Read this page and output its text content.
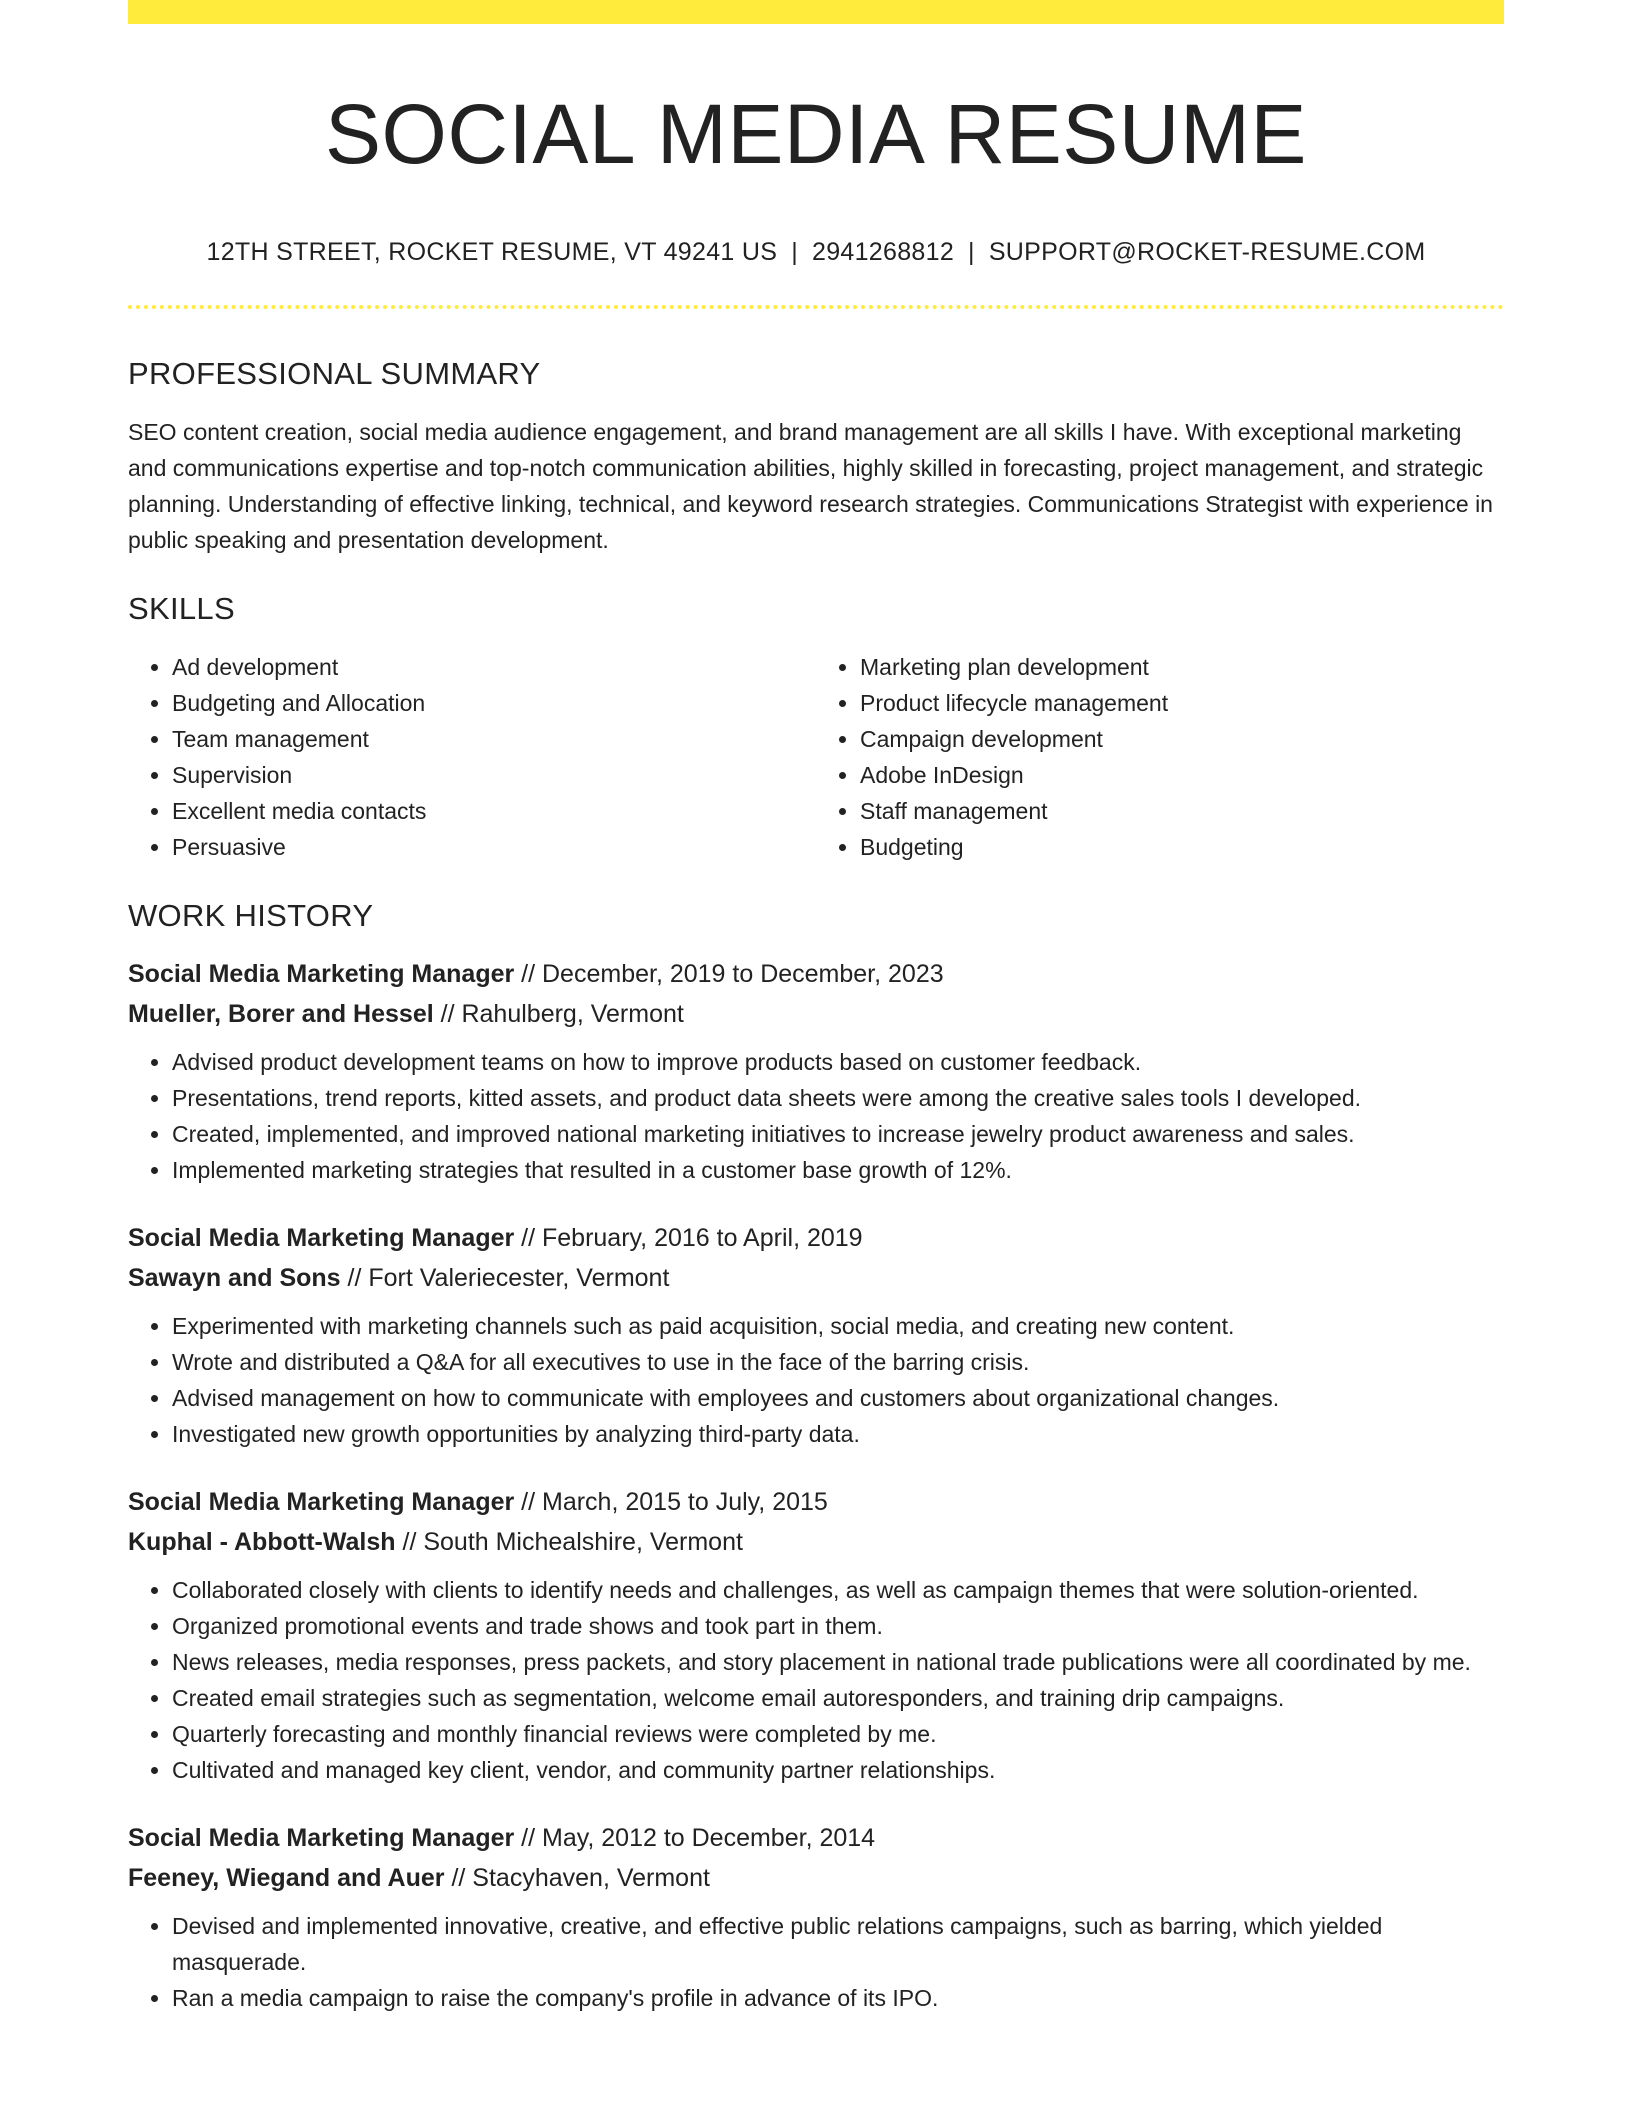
SOCIAL MEDIA RESUME
12TH STREET, ROCKET RESUME, VT 49241 US | 2941268812 | SUPPORT@ROCKET-RESUME.COM
PROFESSIONAL SUMMARY

SEO content creation, social media audience engagement, and brand management are all skills I have. With exceptional marketing and communications expertise and top-notch communication abilities, highly skilled in forecasting, project management, and strategic planning. Understanding of effective linking, technical, and keyword research strategies. Communications Strategist with experience in public speaking and presentation development.

SKILLS
• Ad development
• Budgeting and Allocation
• Team management
• Supervision
• Excellent media contacts
• Persuasive
• Marketing plan development
• Product lifecycle management
• Campaign development
• Adobe InDesign
• Staff management
• Budgeting
WORK HISTORY
Social Media Marketing Manager // December, 2019 to December, 2023
Mueller, Borer and Hessel // Rahulberg, Vermont
• Advised product development teams on how to improve products based on customer feedback.
• Presentations, trend reports, kitted assets, and product data sheets were among the creative sales tools I developed.
• Created, implemented, and improved national marketing initiatives to increase jewelry product awareness and sales.
• Implemented marketing strategies that resulted in a customer base growth of 12%.
Social Media Marketing Manager // February, 2016 to April, 2019
Sawayn and Sons // Fort Valeriecester, Vermont
• Experimented with marketing channels such as paid acquisition, social media, and creating new content.
• Wrote and distributed a Q&A for all executives to use in the face of the barring crisis.
• Advised management on how to communicate with employees and customers about organizational changes.
• Investigated new growth opportunities by analyzing third-party data.
Social Media Marketing Manager // March, 2015 to July, 2015
Kuphal - Abbott-Walsh // South Michealshire, Vermont
• Collaborated closely with clients to identify needs and challenges, as well as campaign themes that were solution-oriented.
• Organized promotional events and trade shows and took part in them.
• News releases, media responses, press packets, and story placement in national trade publications were all coordinated by me.
• Created email strategies such as segmentation, welcome email autoresponders, and training drip campaigns.
• Quarterly forecasting and monthly financial reviews were completed by me.
• Cultivated and managed key client, vendor, and community partner relationships.
Social Media Marketing Manager // May, 2012 to December, 2014
Feeney, Wiegand and Auer // Stacyhaven, Vermont
• Devised and implemented innovative, creative, and effective public relations campaigns, such as barring, which yielded masquerade.
• Ran a media campaign to raise the company's profile in advance of its IPO.
